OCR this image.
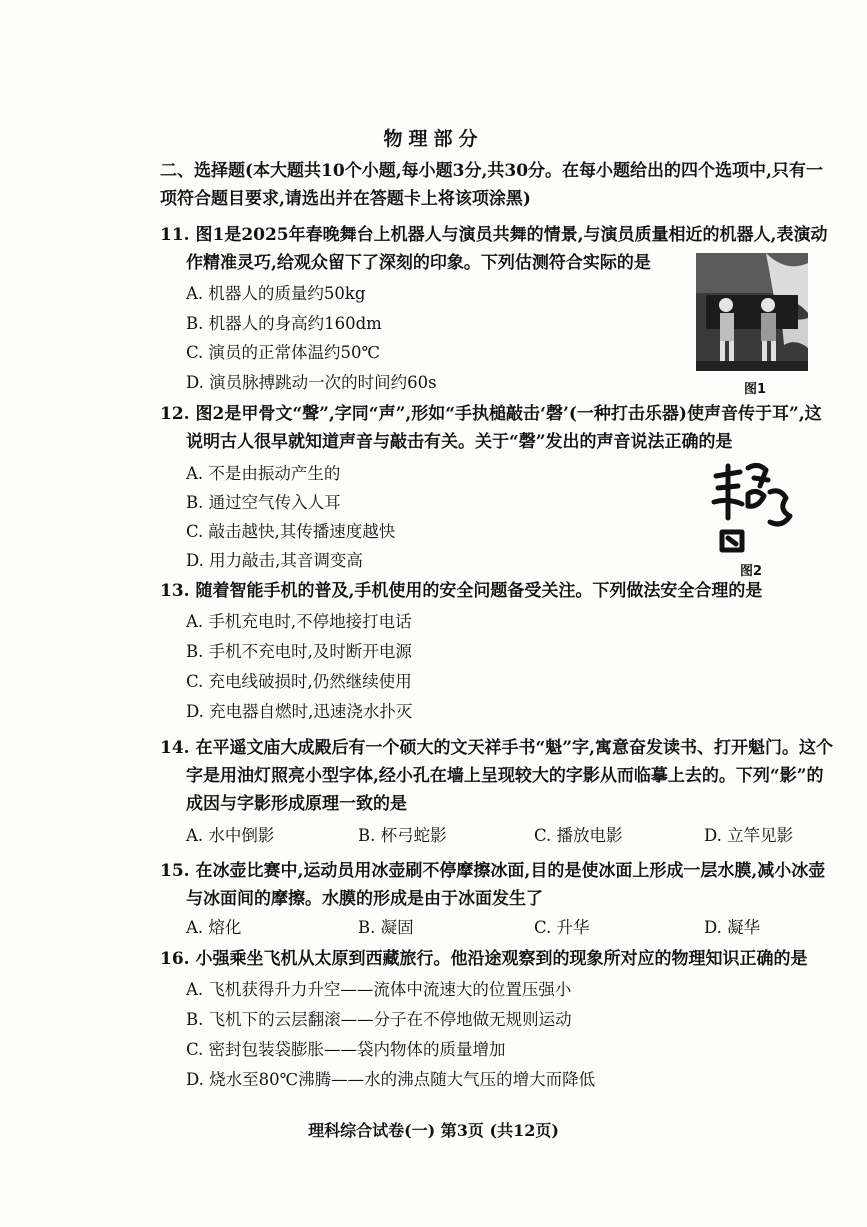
物理部分
二、选择题(本大题共10个小题,每小题3分,共30分。在每小题给出的四个选项中,只有一
项符合题目要求,请选出并在答题卡上将该项涂黑)
11. 图1是2025年春晚舞台上机器人与演员共舞的情景,与演员质量相近的机器人,表演动
作精准灵巧,给观众留下了深刻的印象。下列估测符合实际的是
A. 机器人的质量约50kg
B. 机器人的身高约160dm
C. 演员的正常体温约50℃
D. 演员脉搏跳动一次的时间约60s	图1
12. 图2是甲骨文“聲”,字同“声”,形如“手执槌敲击‘磬’(一种打击乐器)使声音传于耳”,这
说明古人很早就知道声音与敲击有关。关于“磬”发出的声音说法正确的是
A. 不是由振动产生的
B. 通过空气传入人耳
C. 敲击越快,其传播速度越快
D. 用力敲击,其音调变高
图2
13. 随着智能手机的普及,手机使用的安全问题备受关注。下列做法安全合理的是
A. 手机充电时,不停地接打电话
B. 手机不充电时,及时断开电源
C. 充电线破损时,仍然继续使用
D. 充电器自燃时,迅速浇水扑灭
14. 在平遥文庙大成殿后有一个硕大的文天祥手书“魁”字,寓意奋发读书、打开魁门。这个
字是用油灯照亮小型字体,经小孔在墙上呈现较大的字影从而临摹上去的。下列“影”的
成因与字影形成原理一致的是
A. 水中倒影	B. 杯弓蛇影	C. 播放电影	D. 立竿见影
15. 在冰壶比赛中,运动员用冰壶刷不停摩擦冰面,目的是使冰面上形成一层水膜,减小冰壶
与冰面间的摩擦。水膜的形成是由于冰面发生了
A. 熔化	B. 凝固	C. 升华	D. 凝华
16. 小强乘坐飞机从太原到西藏旅行。他沿途观察到的现象所对应的物理知识正确的是
A. 飞机获得升力升空——流体中流速大的位置压强小
B. 飞机下的云层翻滚——分子在不停地做无规则运动
C. 密封包装袋膨胀——袋内物体的质量增加
D. 烧水至80℃沸腾——水的沸点随大气压的增大而降低
理科综合试卷(一) 第3页 (共12页)
